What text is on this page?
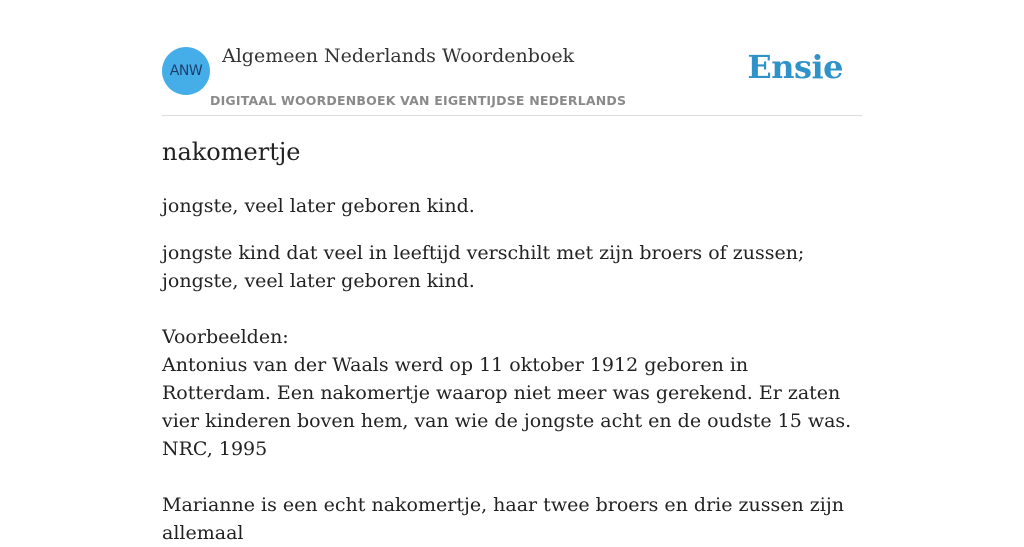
ANW
Algemeen Nederlands Woordenboek
DIGITAAL WOORDENBOEK VAN EIGENTIJDSE NEDERLANDS
Ensie
nakomertje
jongste, veel later geboren kind.
jongste kind dat veel in leeftijd verschilt met zijn broers of zussen; jongste, veel later geboren kind.
Voorbeelden:
Antonius van der Waals werd op 11 oktober 1912 geboren in Rotterdam. Een nakomertje waarop niet meer was gerekend. Er zaten vier kinderen boven hem, van wie de jongste acht en de oudste 15 was.
NRC, 1995
Marianne is een echt nakomertje, haar twee broers en drie zussen zijn allemaal
